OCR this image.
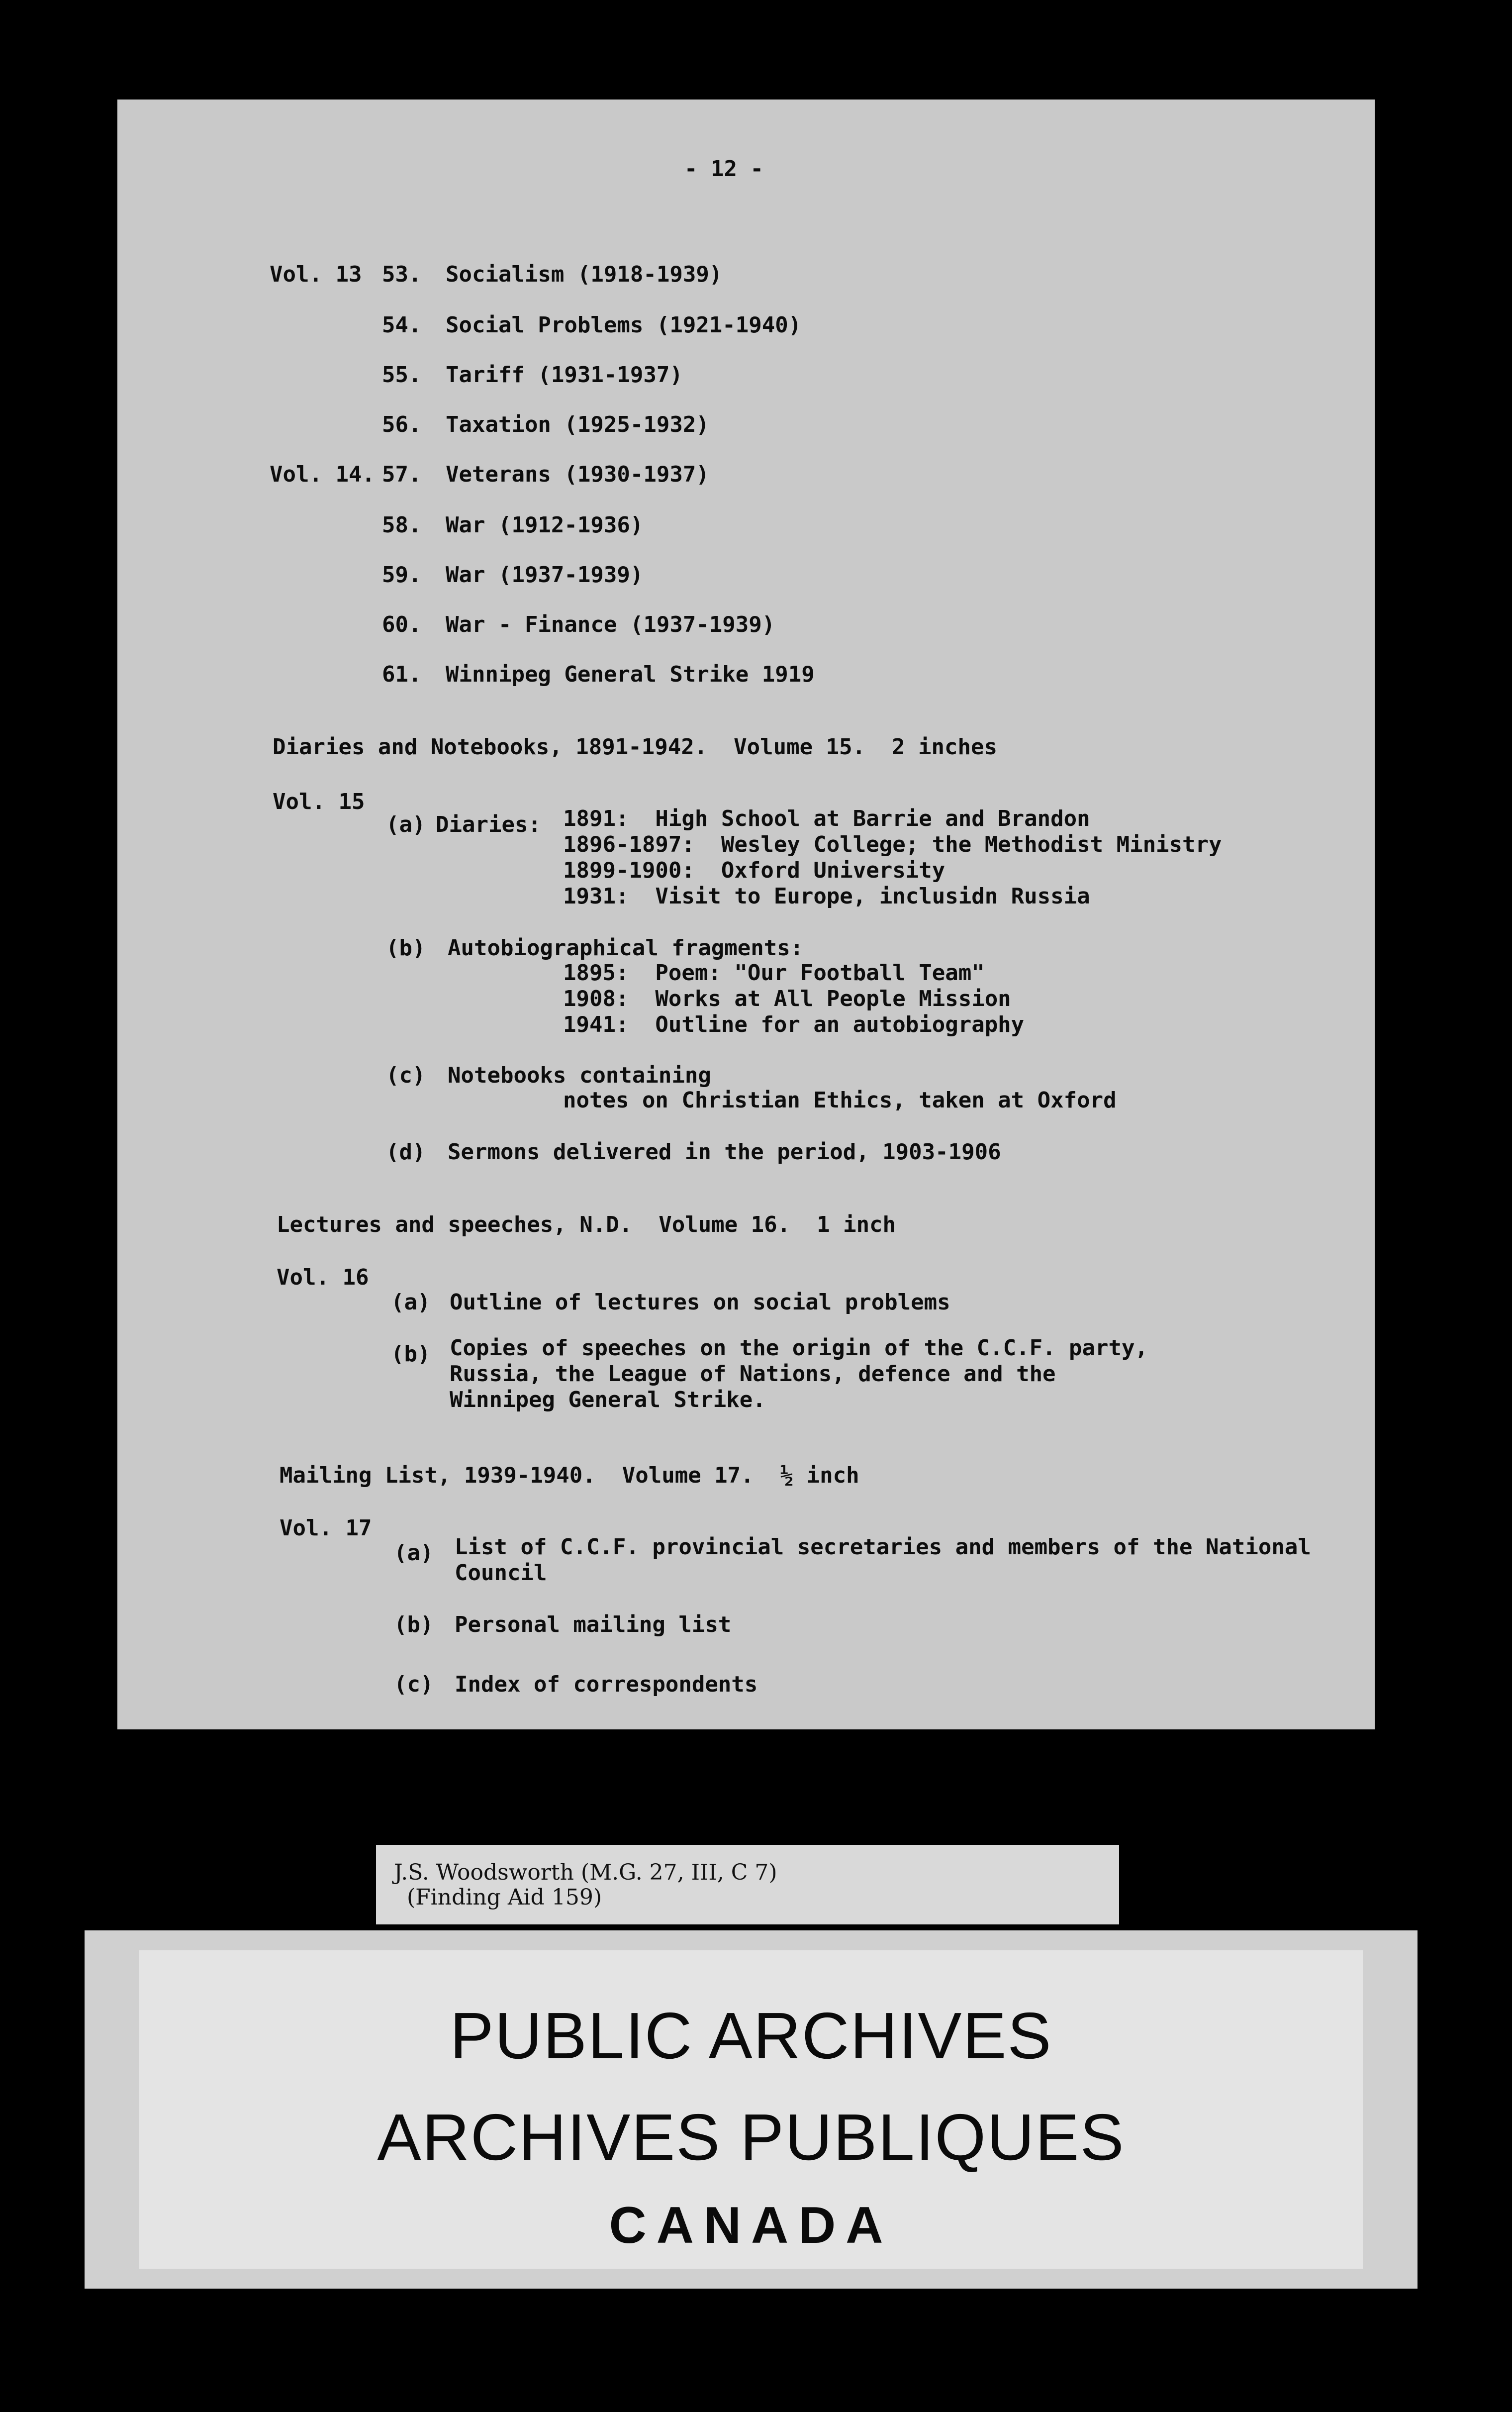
- 12 -
Vol. 13 53. Socialism (1918-1939)
54. Social Problems (1921-1940)
55. Tariff (1931-1937)
56. Taxation (1925-1932)
Vol. 14. 57. Veterans (1930-1937)
58. War (1912-1936)
59. War (1937-1939)
60. War - Finance (1937-1939)
61. Winnipeg General Strike 1919
Diaries and Notebooks, 1891-1942.  Volume 15.  2 inches
Vol. 15
(a) Diaries: 1891:  High School at Barrie and Brandon
1896-1897:  Wesley College; the Methodist Ministry
1899-1900:  Oxford University
1931:  Visit to Europe, inclusidn Russia
(b) Autobiographical fragments:
1895:  Poem: "Our Football Team"
1908:  Works at All People Mission
1941:  Outline for an autobiography
(c) Notebooks containing
notes on Christian Ethics, taken at Oxford
(d) Sermons delivered in the period, 1903-1906
Lectures and speeches, N.D.  Volume 16.  1 inch
Vol. 16
(a) Outline of lectures on social problems
(b) Copies of speeches on the origin of the C.C.F. party,
Russia, the League of Nations, defence and the
Winnipeg General Strike.
Mailing List, 1939-1940.  Volume 17.  ½ inch
Vol. 17
(a) List of C.C.F. provincial secretaries and members of the National
Council
(b) Personal mailing list
(c) Index of correspondents
J.S. Woodsworth (M.G. 27, III, C 7)
(Finding Aid 159)
PUBLIC ARCHIVES
ARCHIVES PUBLIQUES
CANADA
